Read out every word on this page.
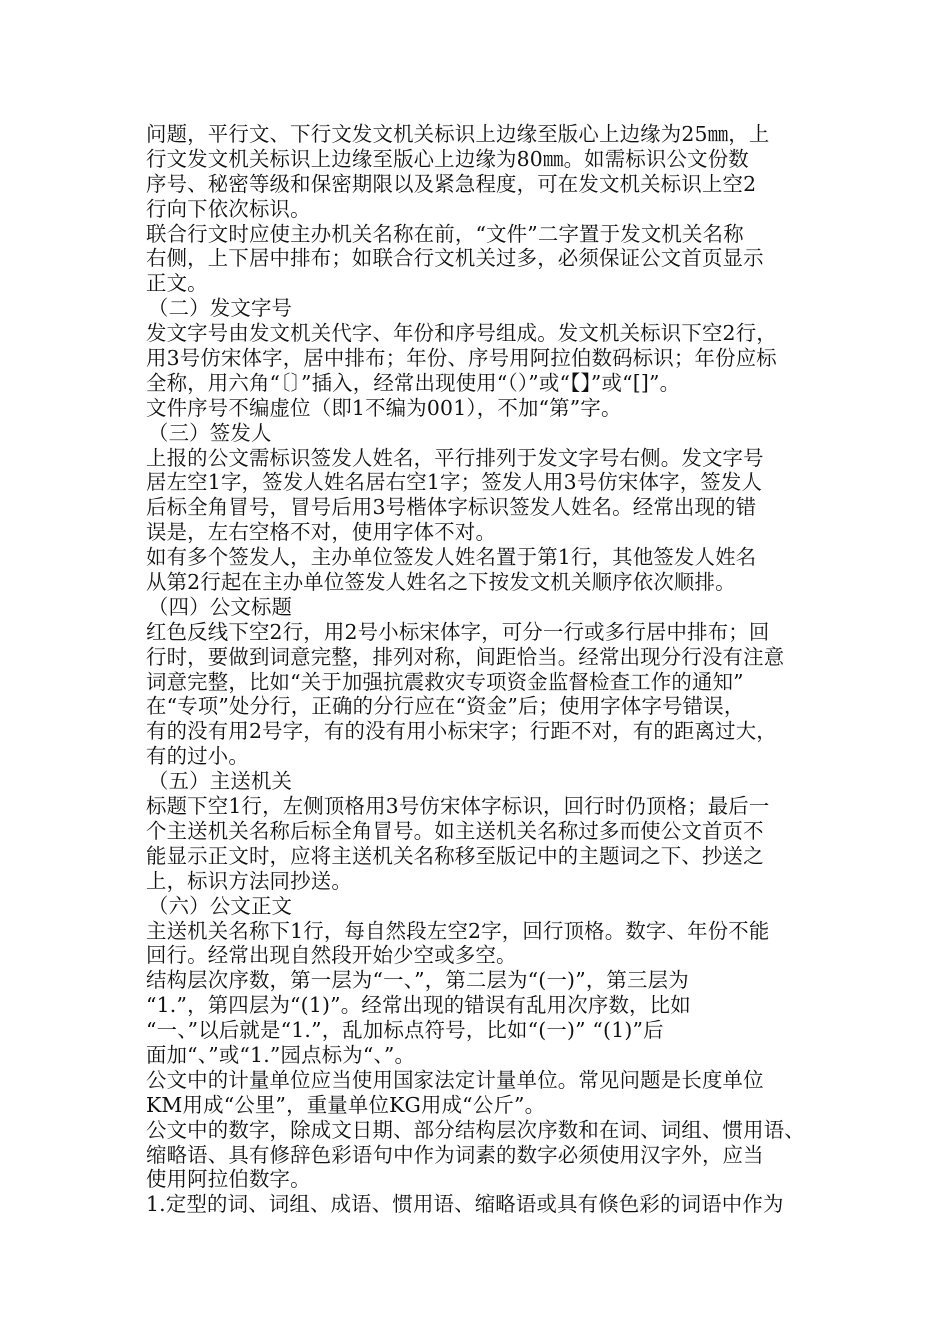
问题，平行文、下行文发文机关标识上边缘至版心上边缘为25㎜，上
行文发文机关标识上边缘至版心上边缘为80㎜。如需标识公文份数
序号、秘密等级和保密期限以及紧急程度，可在发文机关标识上空2
行向下依次标识。
联合行文时应使主办机关名称在前，“文件”二字置于发文机关名称
右侧，上下居中排布；如联合行文机关过多，必须保证公文首页显示
正文。
（二）发文字号
发文字号由发文机关代字、年份和序号组成。发文机关标识下空2行，
用3号仿宋体字，居中排布；年份、序号用阿拉伯数码标识；年份应标
全称，用六角“〔〕”插入，经常出现使用“（）”或“【】”或“[]”。
文件序号不编虚位（即1不编为001），不加“第”字。
（三）签发人
上报的公文需标识签发人姓名，平行排列于发文字号右侧。发文字号
居左空1字，签发人姓名居右空1字；签发人用3号仿宋体字，签发人
后标全角冒号，冒号后用3号楷体字标识签发人姓名。经常出现的错
误是，左右空格不对，使用字体不对。
如有多个签发人，主办单位签发人姓名置于第1行，其他签发人姓名
从第2行起在主办单位签发人姓名之下按发文机关顺序依次顺排。
（四）公文标题
红色反线下空2行，用2号小标宋体字，可分一行或多行居中排布；回
行时，要做到词意完整，排列对称，间距恰当。经常出现分行没有注意
词意完整，比如“关于加强抗震救灾专项资金监督检查工作的通知”
在“专项”处分行，正确的分行应在“资金”后；使用字体字号错误，
有的没有用2号字，有的没有用小标宋字；行距不对，有的距离过大，
有的过小。
（五）主送机关
标题下空1行，左侧顶格用3号仿宋体字标识，回行时仍顶格；最后一
个主送机关名称后标全角冒号。如主送机关名称过多而使公文首页不
能显示正文时，应将主送机关名称移至版记中的主题词之下、抄送之
上，标识方法同抄送。
（六）公文正文
主送机关名称下1行，每自然段左空2字，回行顶格。数字、年份不能
回行。经常出现自然段开始少空或多空。
结构层次序数，第一层为“一、”，第二层为“(一)”，第三层为
“1.”，第四层为“(1)”。经常出现的错误有乱用次序数，比如
“一、”以后就是“1.”，乱加标点符号，比如“(一)” “(1)”后
面加“、”或“1.”园点标为“、”。
公文中的计量单位应当使用国家法定计量单位。常见问题是长度单位
KM用成“公里”，重量单位KG用成“公斤”。
公文中的数字，除成文日期、部分结构层次序数和在词、词组、惯用语、
缩略语、具有修辞色彩语句中作为词素的数字必须使用汉字外，应当
使用阿拉伯数字。
1.定型的词、词组、成语、惯用语、缩略语或具有倏色彩的词语中作为
